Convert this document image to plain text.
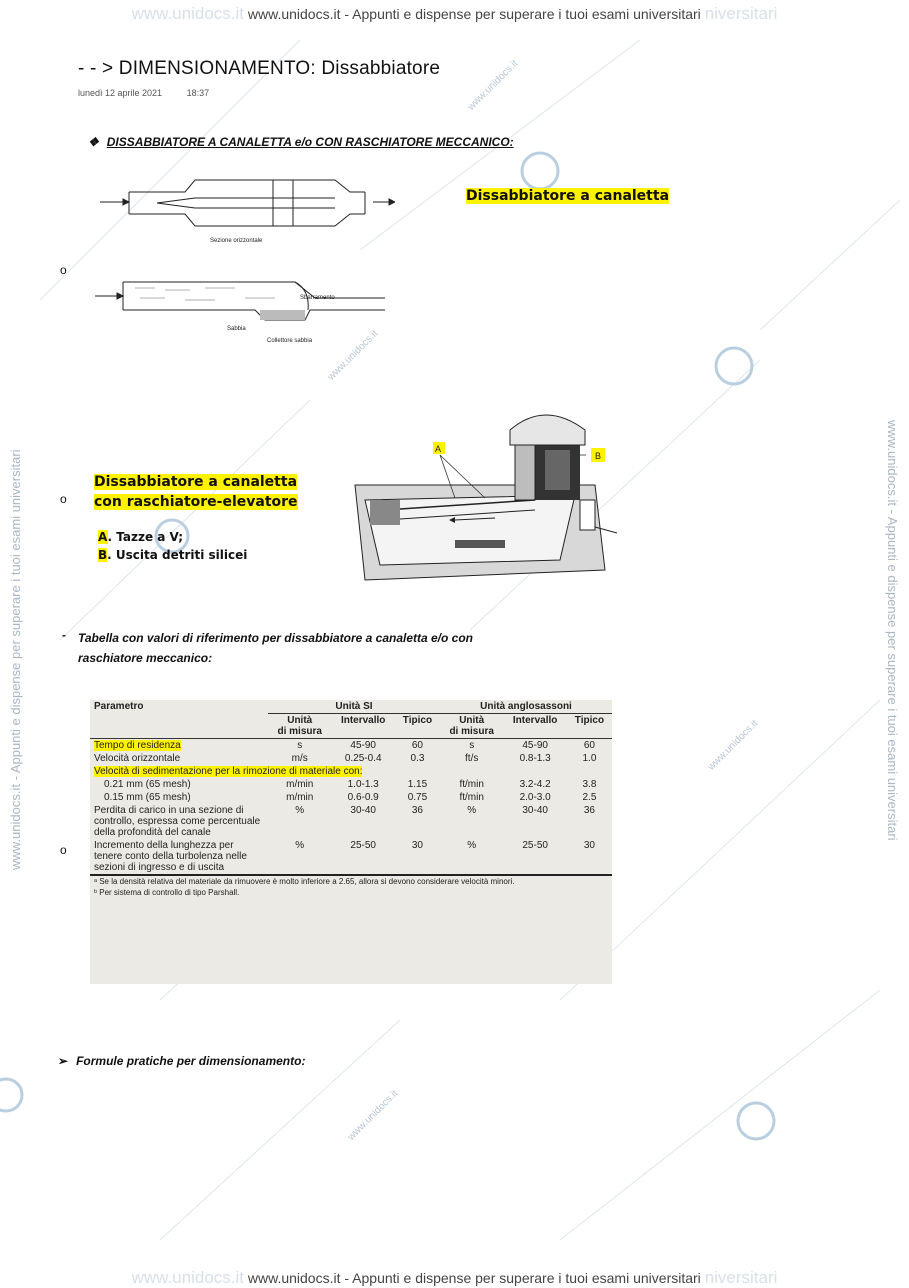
www.unidocs.it www.unidocs.it - Appunti e dispense per superare i tuoi esami universitari niversitari
www.unidocs.it www.unidocs.it - Appunti e dispense per superare i tuoi esami universitari niversitari
www.unidocs.it - Appunti e dispense per superare i tuoi esami universitari	www.unidocs.it - Appunti e dispense per superare i tuoi esami universitari
www.unidocs.it
www.unidocs.it
www.unidocs.it
www.unidocs.it
- - > DIMENSIONAMENTO: Dissabbiatore
lunedì 12 aprile 2021	18:37
❖ DISSABBIATORE A CANALETTA e/o CON RASCHIATORE MECCANICO:
Sezione orizzontale
Dissabbiatore a canaletta
o
Sbarramento
Sabbia
Collettore sabbia
o
Dissabbiatore a canaletta
con raschiatore-elevatore
A. Tazze a V;
B. Uscita detriti silicei
A
B
- Tabella con valori di riferimento per dissabbiatore a canaletta e/o con
raschiatore meccanico:
o
Parametro	Unità SI			Unità anglosassoni		
	Unità
di misura	Intervallo	Tipico	Unità
di misura	Intervallo	Tipico
Tempo di residenza	s	45-90	60	s	45-90	60
Velocità orizzontale	m/s	0.25-0.4	0.3	ft/s	0.8-1.3	1.0
Velocità di sedimentazione per la rimozione di materiale con:						
0.21 mm (65 mesh)	m/min	1.0-1.3	1.15	ft/min	3.2-4.2	3.8
0.15 mm (65 mesh)	m/min	0.6-0.9	0.75	ft/min	2.0-3.0	2.5
Perdita di carico in una sezione di controllo, espressa come percentuale della profondità del canale	%	30-40	36	%	30-40	36
Incremento della lunghezza per tenere conto della turbolenza nelle sezioni di ingresso e di uscita	%	25-50	30	%	25-50	30
ᵃ Se la densità relativa del materiale da rimuovere è molto inferiore a 2.65, allora si devono considerare velocità minori.						
ᵇ Per sistema di controllo di tipo Parshall.						
➢ Formule pratiche per dimensionamento:
